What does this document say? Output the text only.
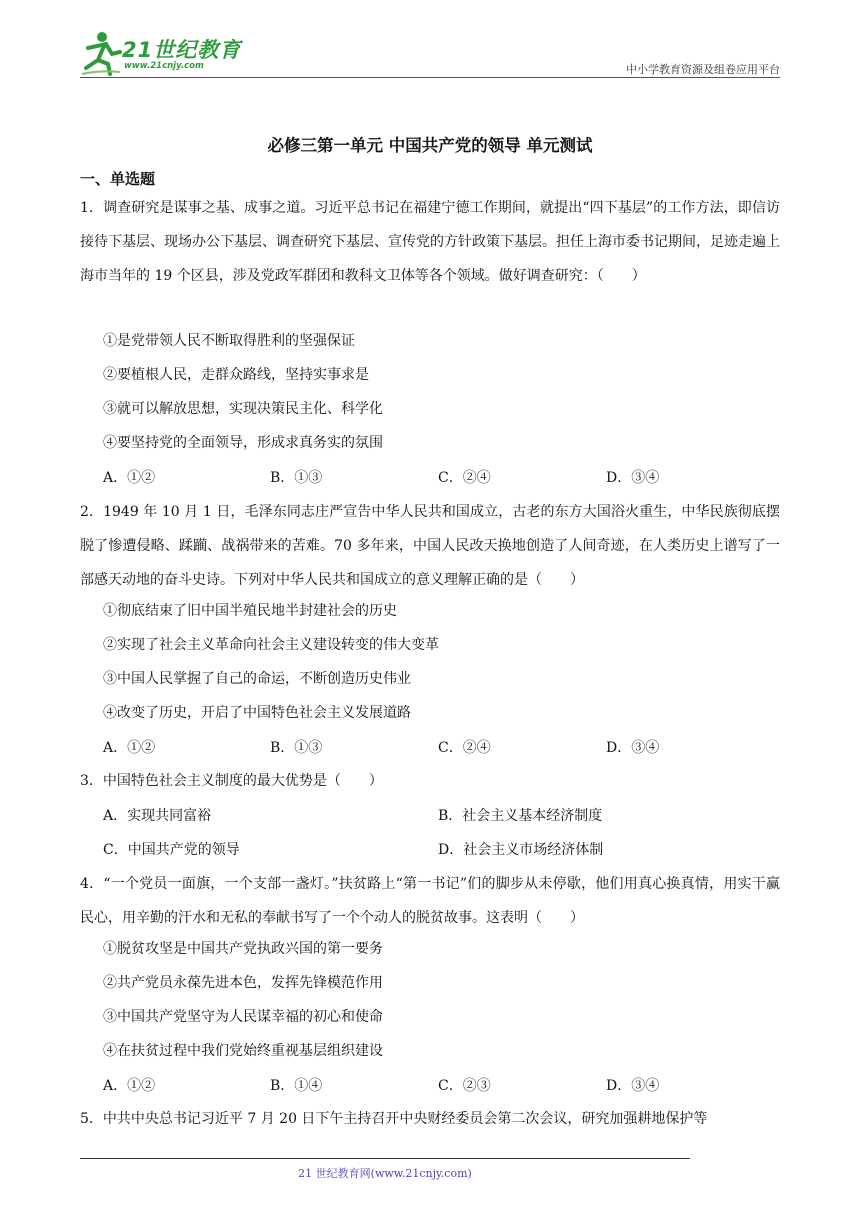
21世纪教育
www.21cnjy.com	中小学教育资源及组卷应用平台
必修三第一单元 中国共产党的领导 单元测试
一、单选题
1．调查研究是谋事之基、成事之道。习近平总书记在福建宁德工作期间，就提出“四下基层”的工作方法，即信访接待下基层、现场办公下基层、调查研究下基层、宣传党的方针政策下基层。担任上海市委书记期间，足迹走遍上海市当年的 19 个区县，涉及党政军群团和教科文卫体等各个领域。做好调查研究：（　　）
①是党带领人民不断取得胜利的坚强保证
②要植根人民，走群众路线，坚持实事求是
③就可以解放思想，实现决策民主化、科学化
④要坚持党的全面领导，形成求真务实的氛围
A．①②	B．①③	C．②④	D．③④
2．1949 年 10 月 1 日，毛泽东同志庄严宣告中华人民共和国成立，古老的东方大国浴火重生，中华民族彻底摆脱了惨遭侵略、蹂躏、战祸带来的苦难。70 多年来，中国人民改天换地创造了人间奇迹，在人类历史上谱写了一部感天动地的奋斗史诗。下列对中华人民共和国成立的意义理解正确的是（　　）
①彻底结束了旧中国半殖民地半封建社会的历史
②实现了社会主义革命向社会主义建设转变的伟大变革
③中国人民掌握了自己的命运，不断创造历史伟业
④改变了历史，开启了中国特色社会主义发展道路
A．①②	B．①③	C．②④	D．③④
3．中国特色社会主义制度的最大优势是（　　）
A．实现共同富裕	B．社会主义基本经济制度
C．中国共产党的领导	D．社会主义市场经济体制
4．“一个党员一面旗，一个支部一盏灯。”扶贫路上“第一书记”们的脚步从未停歇，他们用真心换真情，用实干赢民心，用辛勤的汗水和无私的奉献书写了一个个动人的脱贫故事。这表明（　　）
①脱贫攻坚是中国共产党执政兴国的第一要务
②共产党员永葆先进本色，发挥先锋模范作用
③中国共产党坚守为人民谋幸福的初心和使命
④在扶贫过程中我们党始终重视基层组织建设
A．①②	B．①④	C．②③	D．③④
5．中共中央总书记习近平 7 月 20 日下午主持召开中央财经委员会第二次会议，研究加强耕地保护等
21 世纪教育网(www.21cnjy.com)
